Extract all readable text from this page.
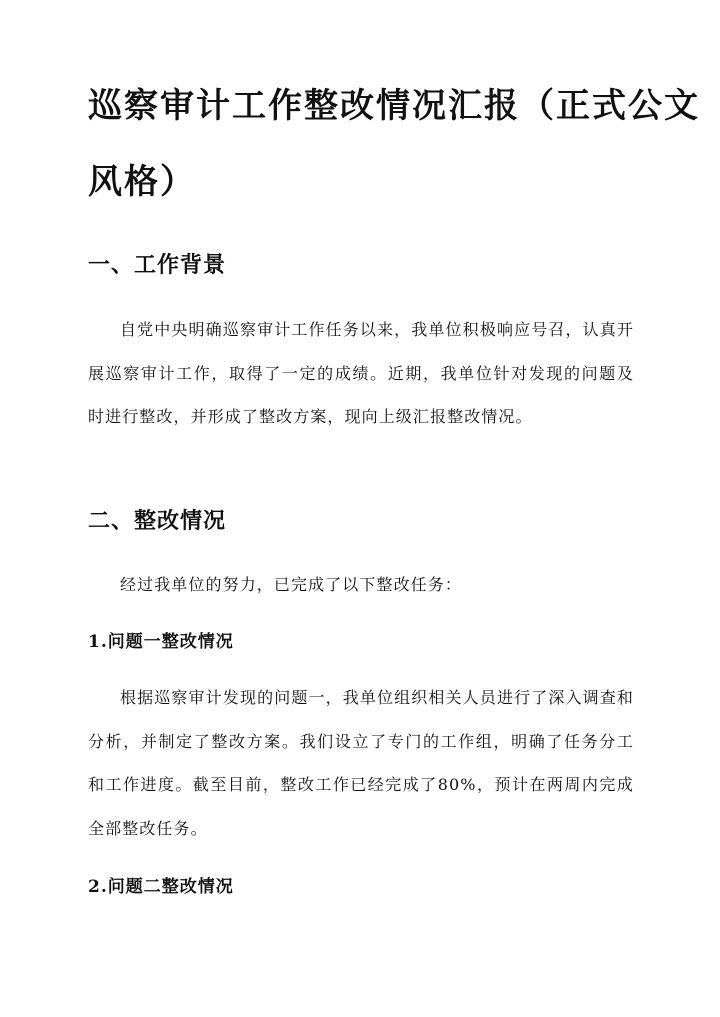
巡察审计工作整改情况汇报（正式公文
风格）
一、工作背景

自党中央明确巡察审计工作任务以来，我单位积极响应号召，认真开展巡察审计工作，取得了一定的成绩。近期，我单位针对发现的问题及时进行整改，并形成了整改方案，现向上级汇报整改情况。

二、整改情况

经过我单位的努力，已完成了以下整改任务：

1.问题一整改情况

根据巡察审计发现的问题一，我单位组织相关人员进行了深入调查和分析，并制定了整改方案。我们设立了专门的工作组，明确了任务分工和工作进度。截至目前，整改工作已经完成了80%，预计在两周内完成全部整改任务。

2.问题二整改情况
